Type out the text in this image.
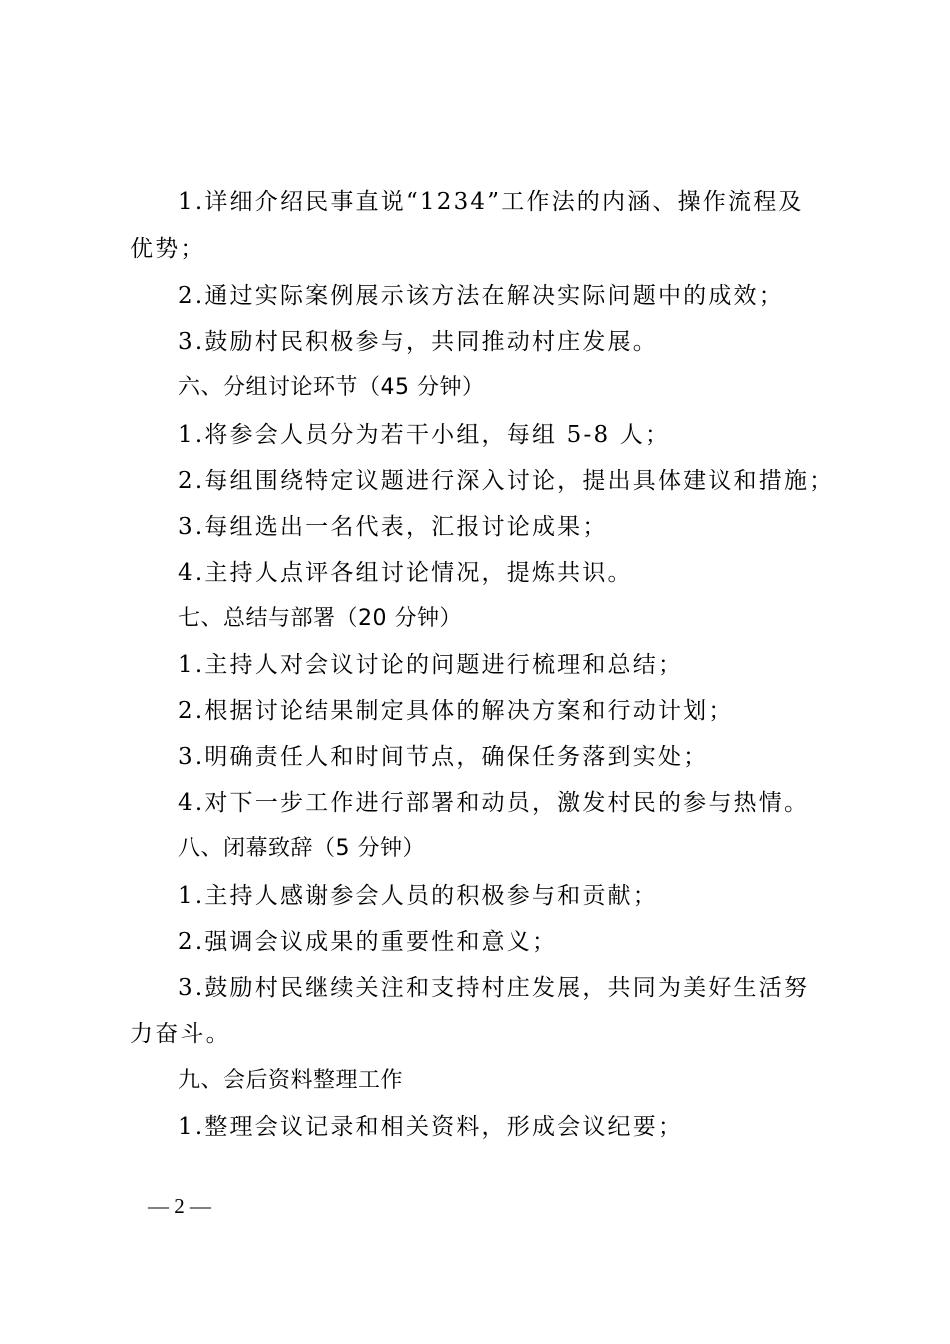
1.详细介绍民事直说“1234”工作法的内涵、操作流程及
优势；
2.通过实际案例展示该方法在解决实际问题中的成效；
3.鼓励村民积极参与，共同推动村庄发展。
六、分组讨论环节（45 分钟）
1.将参会人员分为若干小组，每组 5-8 人；
2.每组围绕特定议题进行深入讨论，提出具体建议和措施；
3.每组选出一名代表，汇报讨论成果；
4.主持人点评各组讨论情况，提炼共识。
七、总结与部署（20 分钟）
1.主持人对会议讨论的问题进行梳理和总结；
2.根据讨论结果制定具体的解决方案和行动计划；
3.明确责任人和时间节点，确保任务落到实处；
4.对下一步工作进行部署和动员，激发村民的参与热情。
八、闭幕致辞（5 分钟）
1.主持人感谢参会人员的积极参与和贡献；
2.强调会议成果的重要性和意义；
3.鼓励村民继续关注和支持村庄发展，共同为美好生活努
力奋斗。
九、会后资料整理工作
1.整理会议记录和相关资料，形成会议纪要；
— 2 —
